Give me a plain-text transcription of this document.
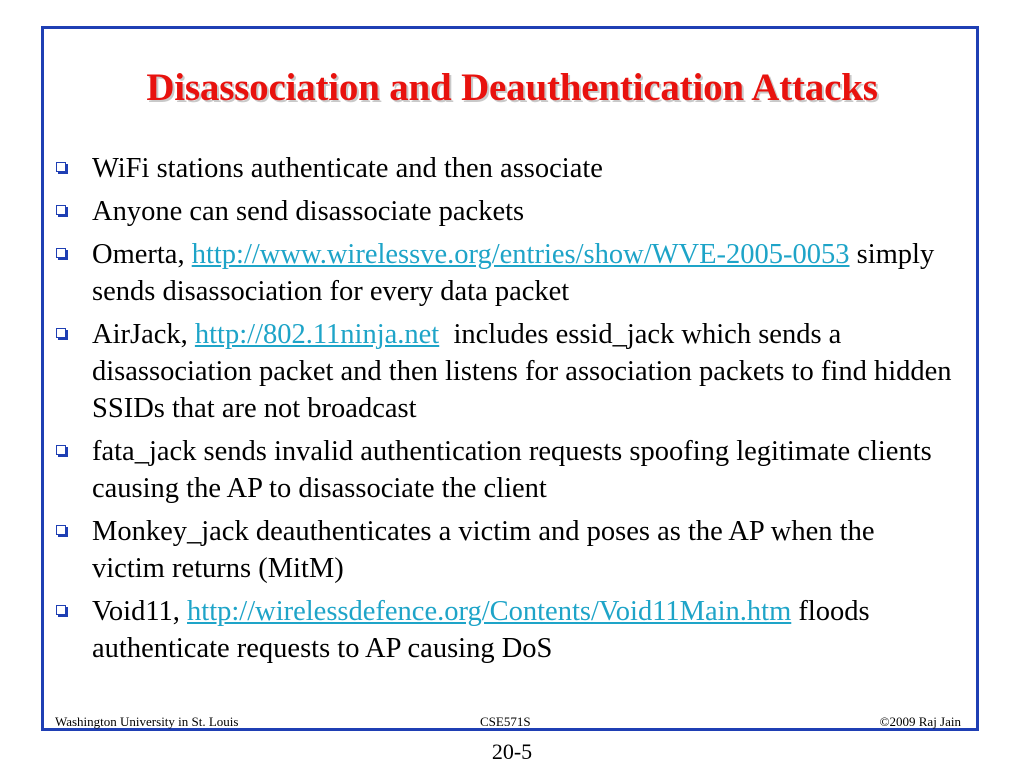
Disassociation and Deauthentication Attacks
WiFi stations authenticate and then associate
Anyone can send disassociate packets
Omerta, http://www.wirelessve.org/entries/show/WVE-2005-0053 simply sends disassociation for every data packet
AirJack, http://802.11ninja.net  includes essid_jack which sends a disassociation packet and then listens for association packets to find hidden SSIDs that are not broadcast
fata_jack sends invalid authentication requests spoofing legitimate clients causing the AP to disassociate the client
Monkey_jack deauthenticates a victim and poses as the AP when the victim returns (MitM)
Void11, http://wirelessdefence.org/Contents/Void11Main.htm floods authenticate requests to AP causing DoS
Washington University in St. Louis	CSE571S	©2009 Raj Jain
20-5
